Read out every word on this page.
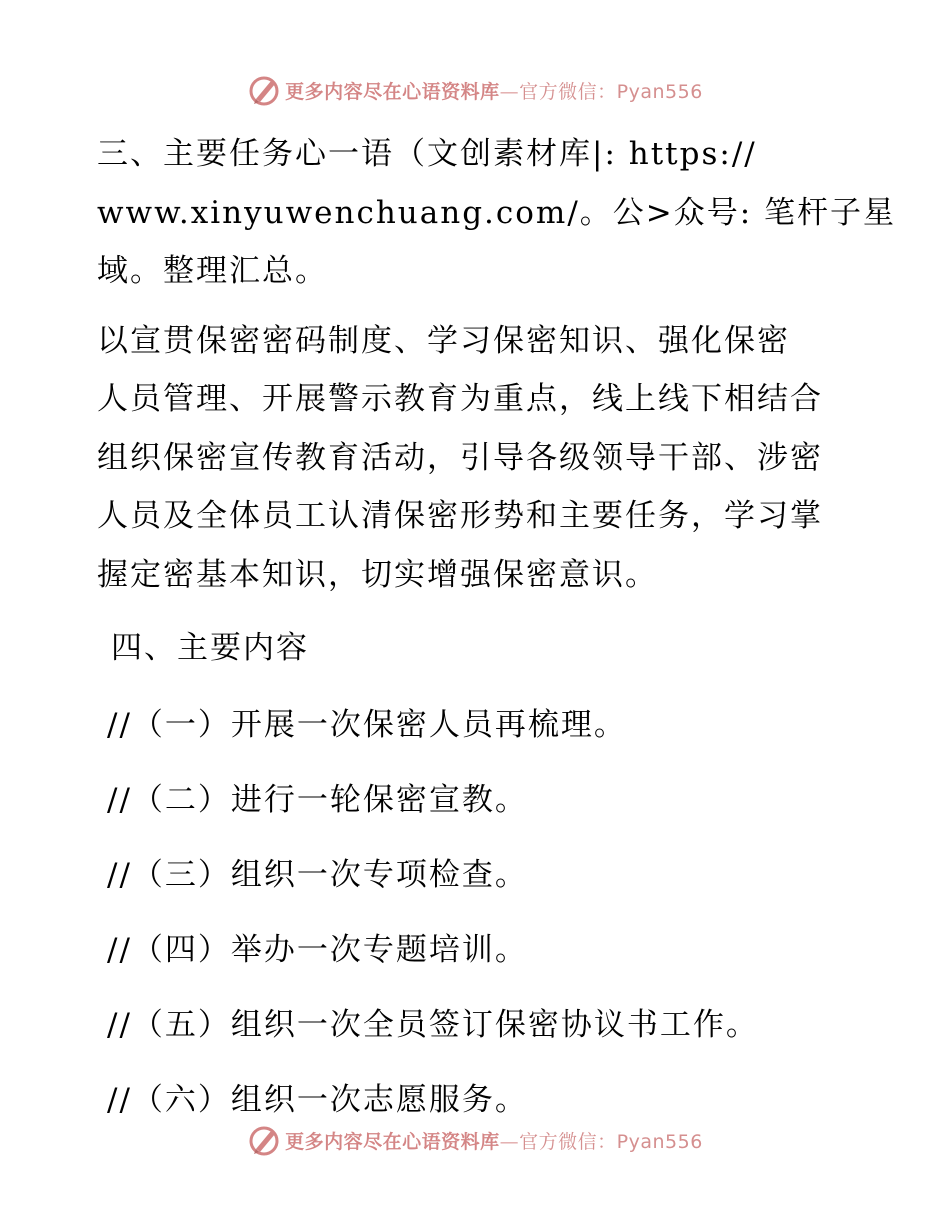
更多内容尽在心语资料库—官方微信：Pyan556

三、主要任务心一语（文创素材库|: https://
www.xinyuwenchuang.com/。公>众号: 笔杆子星
域。整理汇总。

以宣贯保密密码制度、学习保密知识、强化保密
人员管理、开展警示教育为重点，线上线下相结合
组织保密宣传教育活动，引导各级领导干部、涉密
人员及全体员工认清保密形势和主要任务，学习掌
握定密基本知识，切实增强保密意识。

四、主要内容

//（一）开展一次保密人员再梳理。
//（二）进行一轮保密宣教。
//（三）组织一次专项检查。
//（四）举办一次专题培训。
//（五）组织一次全员签订保密协议书工作。
//（六）组织一次志愿服务。
更多内容尽在心语资料库—官方微信：Pyan556
